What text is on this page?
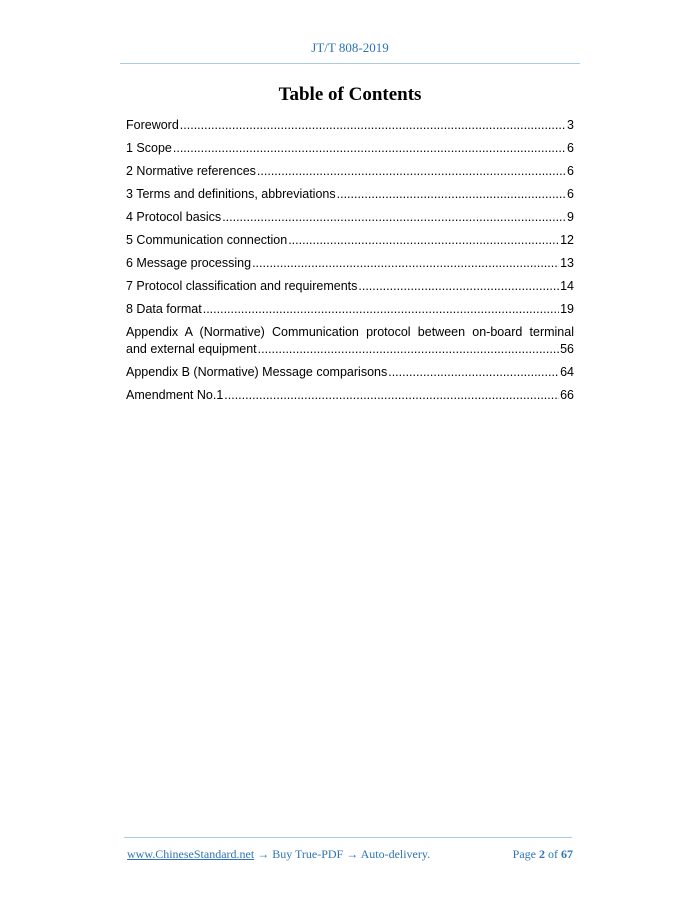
JT/T 808-2019
Table of Contents
Foreword .....	3
1 Scope .....	6
2 Normative references .....	6
3 Terms and definitions, abbreviations .....	6
4 Protocol basics .....	9
5 Communication connection .....	12
6 Message processing .....	13
7 Protocol classification and requirements .....	14
8 Data format .....	19
Appendix A (Normative) Communication protocol between on-board terminal
and external equipment .....	56
Appendix B (Normative) Message comparisons .....	64
Amendment No.1 .....	66
www.ChineseStandard.net → Buy True-PDF → Auto-delivery.	Page 2 of 67
